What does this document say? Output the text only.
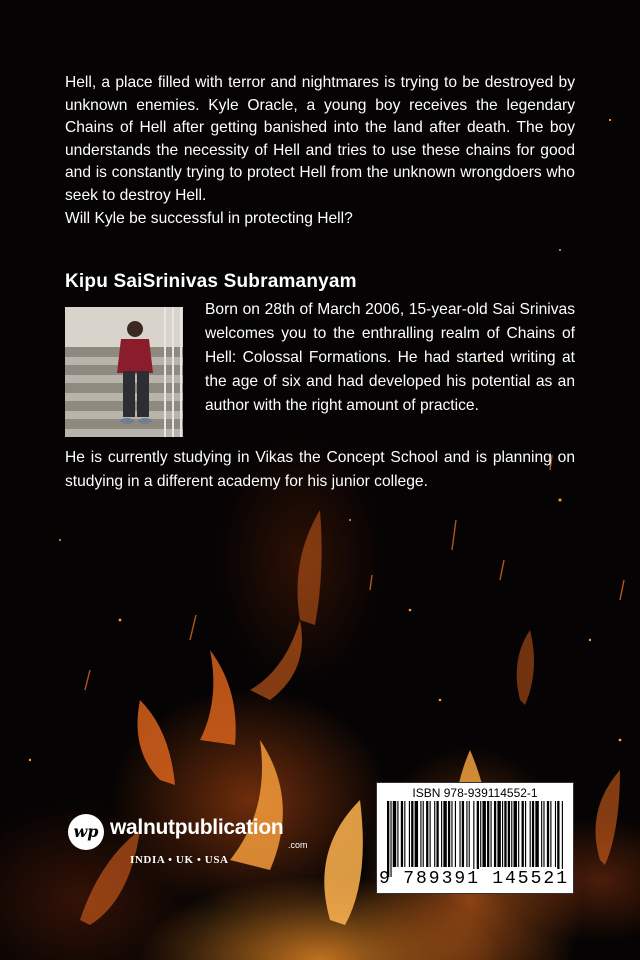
Hell, a place filled with terror and nightmares is trying to be destroyed by unknown enemies. Kyle Oracle, a young boy receives the legendary Chains of Hell after getting banished into the land after death. The boy understands the necessity of Hell and tries to use these chains for good and is constantly trying to protect Hell from the unknown wrongdoers who seek to destroy Hell.

Will Kyle be successful in protecting Hell?

Kipu SaiSrinivas Subramanyam

Born on 28th of March 2006, 15-year-old Sai Srinivas welcomes you to the enthralling realm of Chains of Hell: Colossal Formations. He had started writing at the age of six and had developed his potential as an author with the right amount of practice.

He is currently studying in Vikas the Concept School and is planning on studying in a different academy for his junior college.

wp walnutpublication
.com
INDIA • UK • USA
ISBN 978-939114552-1
9 789391 145521
